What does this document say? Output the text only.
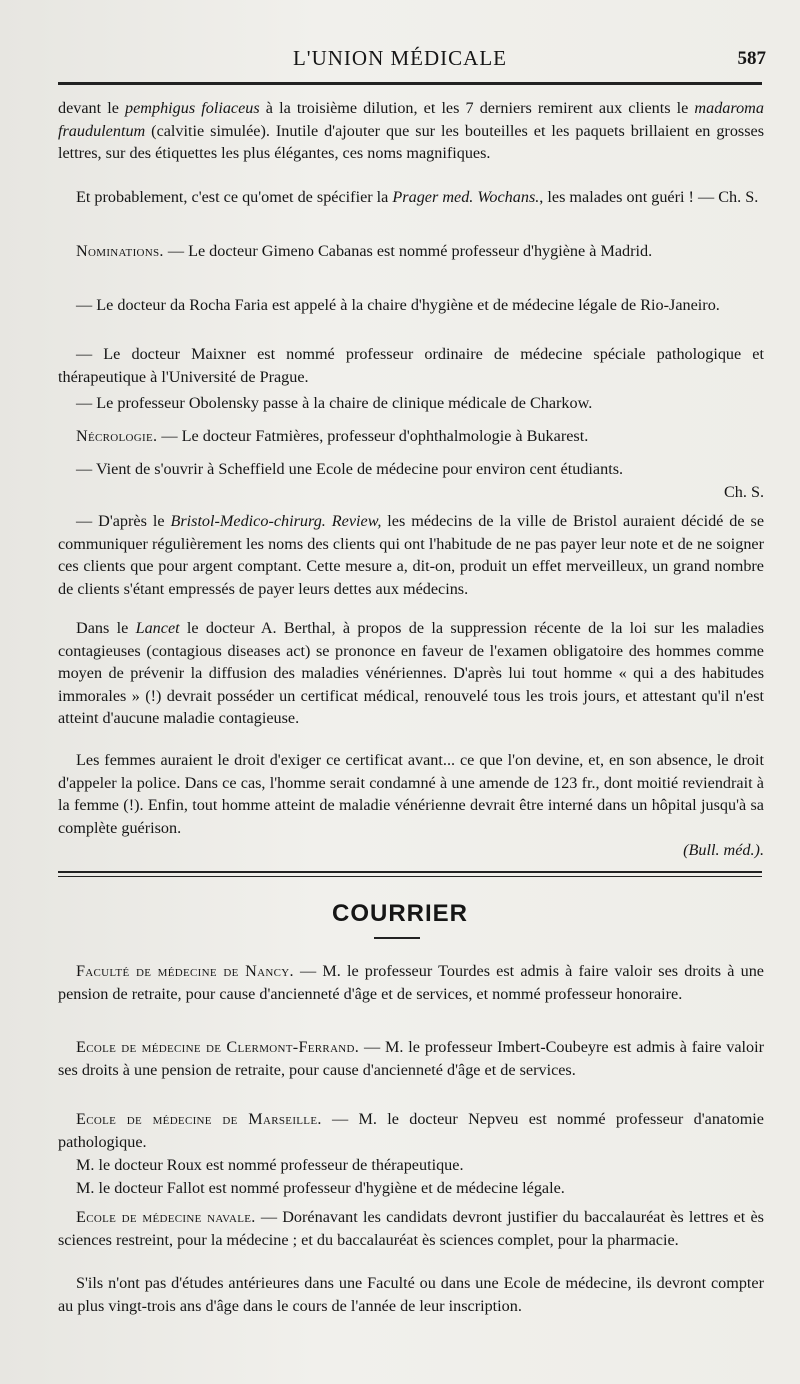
L'UNION MÉDICALE	587
devant le pemphigus foliaceus à la troisième dilution, et les 7 derniers remirent aux clients le madaroma fraudulentum (calvitie simulée). Inutile d'ajouter que sur les bouteilles et les paquets brillaient en grosses lettres, sur des étiquettes les plus élégantes, ces noms magnifiques.
Et probablement, c'est ce qu'omet de spécifier la Prager med. Wochans., les malades ont guéri ! — Ch. S.
Nominations. — Le docteur Gimeno Cabanas est nommé professeur d'hygiène à Madrid.
— Le docteur da Rocha Faria est appelé à la chaire d'hygiène et de médecine légale de Rio-Janeiro.
— Le docteur Maixner est nommé professeur ordinaire de médecine spéciale pathologique et thérapeutique à l'Université de Prague.
— Le professeur Obolensky passe à la chaire de clinique médicale de Charkow.
Nécrologie. — Le docteur Fatmières, professeur d'ophthalmologie à Bukarest.
— Vient de s'ouvrir à Scheffield une Ecole de médecine pour environ cent étudiants.
Ch. S.
— D'après le Bristol-Medico-chirurg. Review, les médecins de la ville de Bristol auraient décidé de se communiquer régulièrement les noms des clients qui ont l'habitude de ne pas payer leur note et de ne soigner ces clients que pour argent comptant. Cette mesure a, dit-on, produit un effet merveilleux, un grand nombre de clients s'étant empressés de payer leurs dettes aux médecins.
Dans le Lancet le docteur A. Berthal, à propos de la suppression récente de la loi sur les maladies contagieuses (contagious diseases act) se prononce en faveur de l'examen obligatoire des hommes comme moyen de prévenir la diffusion des maladies vénériennes. D'après lui tout homme « qui a des habitudes immorales » (!) devrait posséder un certificat médical, renouvelé tous les trois jours, et attestant qu'il n'est atteint d'aucune maladie contagieuse.
Les femmes auraient le droit d'exiger ce certificat avant... ce que l'on devine, et, en son absence, le droit d'appeler la police. Dans ce cas, l'homme serait condamné à une amende de 123 fr., dont moitié reviendrait à la femme (!). Enfin, tout homme atteint de maladie vénérienne devrait être interné dans un hôpital jusqu'à sa complète guérison.
(Bull. méd.).
COURRIER
Faculté de médecine de Nancy. — M. le professeur Tourdes est admis à faire valoir ses droits à une pension de retraite, pour cause d'ancienneté d'âge et de services, et nommé professeur honoraire.
Ecole de médecine de Clermont-Ferrand. — M. le professeur Imbert-Coubeyre est admis à faire valoir ses droits à une pension de retraite, pour cause d'ancienneté d'âge et de services.
Ecole de médecine de Marseille. — M. le docteur Nepveu est nommé professeur d'anatomie pathologique.
M. le docteur Roux est nommé professeur de thérapeutique.
M. le docteur Fallot est nommé professeur d'hygiène et de médecine légale.
Ecole de médecine navale. — Dorénavant les candidats devront justifier du baccalauréat ès lettres et ès sciences restreint, pour la médecine ; et du baccalauréat ès sciences complet, pour la pharmacie.
S'ils n'ont pas d'études antérieures dans une Faculté ou dans une Ecole de médecine, ils devront compter au plus vingt-trois ans d'âge dans le cours de l'année de leur inscription.
